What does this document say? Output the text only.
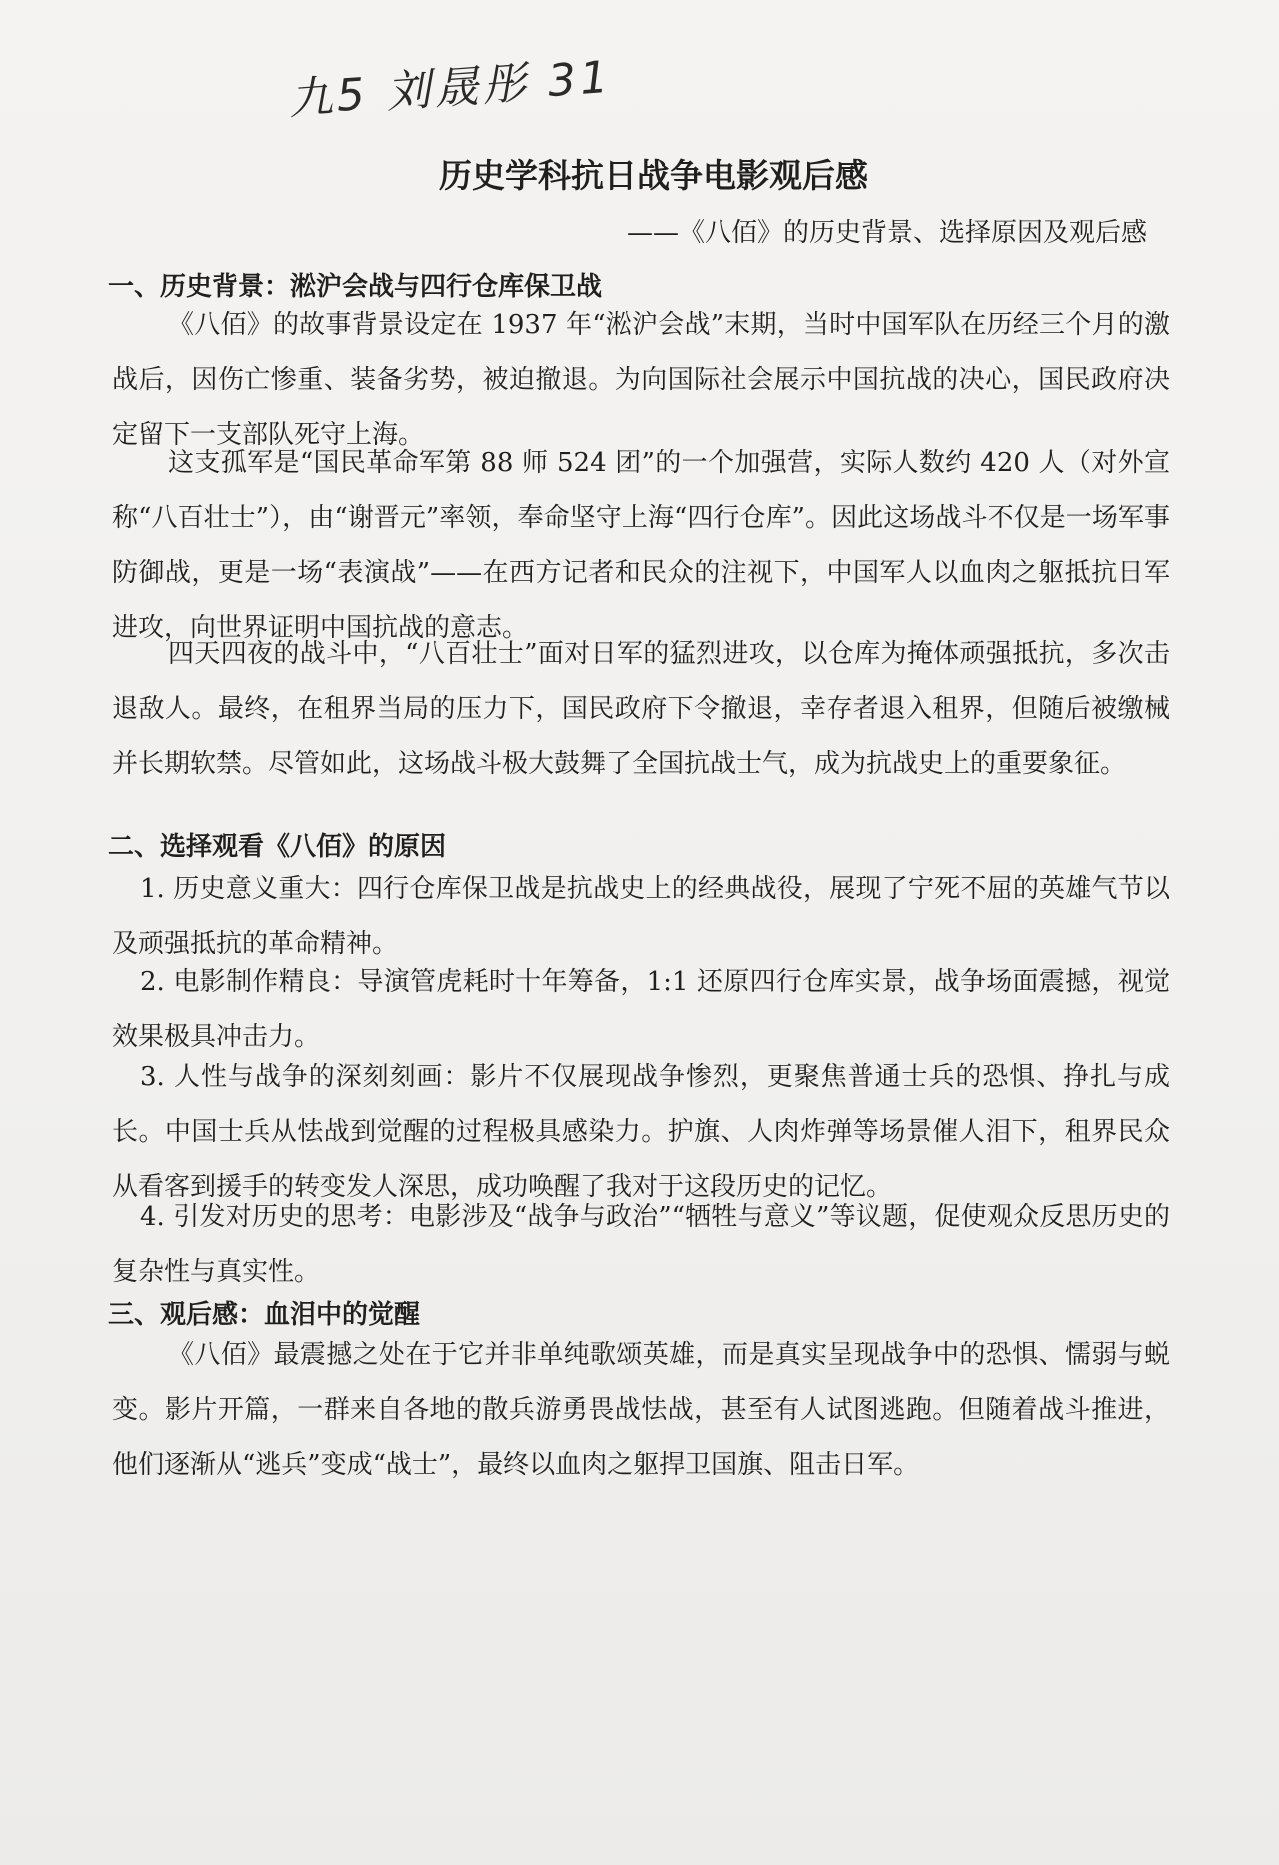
九5 刘晟彤 31
历史学科抗日战争电影观后感
——《八佰》的历史背景、选择原因及观后感
一、历史背景：淞沪会战与四行仓库保卫战

《八佰》的故事背景设定在 1937 年“淞沪会战”末期，当时中国军队在历经三个月的激战后，因伤亡惨重、装备劣势，被迫撤退。为向国际社会展示中国抗战的决心，国民政府决定留下一支部队死守上海。

这支孤军是“国民革命军第 88 师 524 团”的一个加强营，实际人数约 420 人（对外宣称“八百壮士”），由“谢晋元”率领，奉命坚守上海“四行仓库”。因此这场战斗不仅是一场军事防御战，更是一场“表演战”——在西方记者和民众的注视下，中国军人以血肉之躯抵抗日军进攻，向世界证明中国抗战的意志。

四天四夜的战斗中，“八百壮士”面对日军的猛烈进攻，以仓库为掩体顽强抵抗，多次击退敌人。最终，在租界当局的压力下，国民政府下令撤退，幸存者退入租界，但随后被缴械并长期软禁。尽管如此，这场战斗极大鼓舞了全国抗战士气，成为抗战史上的重要象征。

二、选择观看《八佰》的原因

1. 历史意义重大：四行仓库保卫战是抗战史上的经典战役，展现了宁死不屈的英雄气节以及顽强抵抗的革命精神。

2. 电影制作精良：导演管虎耗时十年筹备，1:1 还原四行仓库实景，战争场面震撼，视觉效果极具冲击力。

3. 人性与战争的深刻刻画：影片不仅展现战争惨烈，更聚焦普通士兵的恐惧、挣扎与成长。中国士兵从怯战到觉醒的过程极具感染力。护旗、人肉炸弹等场景催人泪下，租界民众从看客到援手的转变发人深思，成功唤醒了我对于这段历史的记忆。

4. 引发对历史的思考：电影涉及“战争与政治”“牺牲与意义”等议题，促使观众反思历史的复杂性与真实性。

三、观后感：血泪中的觉醒

《八佰》最震撼之处在于它并非单纯歌颂英雄，而是真实呈现战争中的恐惧、懦弱与蜕变。影片开篇，一群来自各地的散兵游勇畏战怯战，甚至有人试图逃跑。但随着战斗推进，他们逐渐从“逃兵”变成“战士”，最终以血肉之躯捍卫国旗、阻击日军。
